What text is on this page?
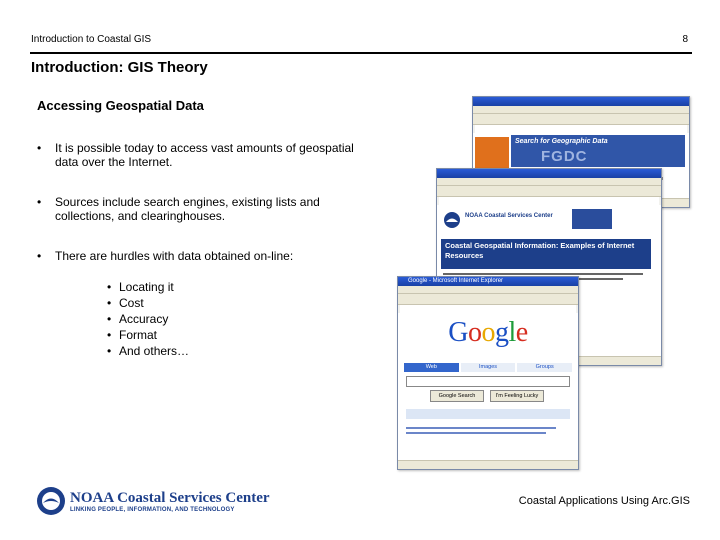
Introduction to Coastal GIS	8
Introduction: GIS Theory
Accessing Geospatial Data
• It is possible today to access vast amounts of geospatial data over the Internet.
• Sources include search engines, existing lists and collections, and clearinghouses.
• There are hurdles with data obtained on-line:
• Locating it
• Cost
• Accuracy
• Format
• And others…
Search for Geographic Data
FGDC
NOAA Coastal Services Center
Coastal Geospatial Information: Examples of Internet Resources
Google - Microsoft Internet Explorer
Google
Web	Images	Groups
Google Search	I'm Feeling Lucky
NOAA Coastal Services Center
LINKING PEOPLE, INFORMATION, AND TECHNOLOGY
Coastal Applications Using Arc.GIS
